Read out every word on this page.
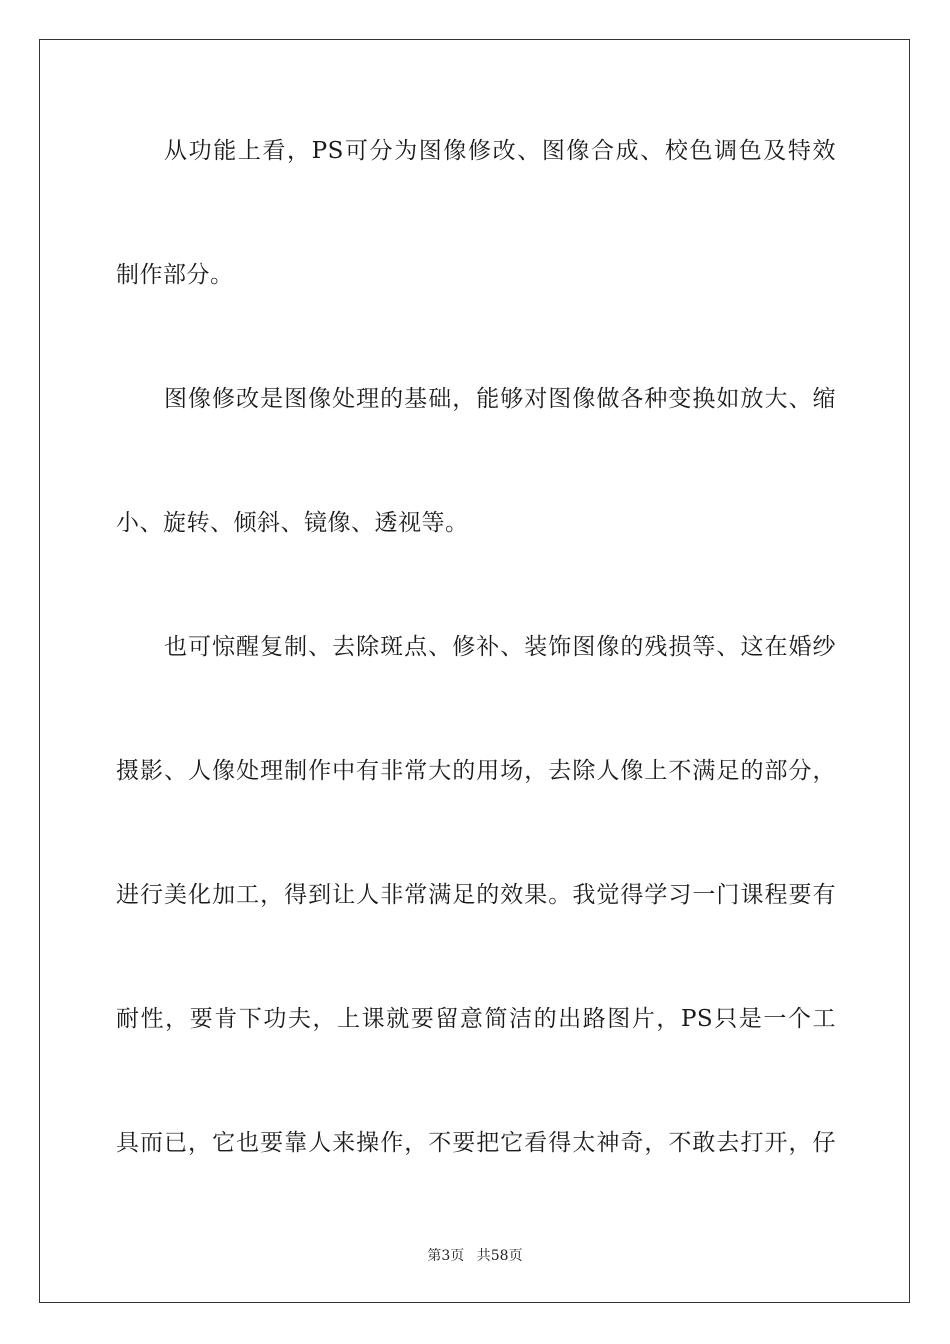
从功能上看，PS可分为图像修改、图像合成、校色调色及特效
制作部分。
图像修改是图像处理的基础，能够对图像做各种变换如放大、缩
小、旋转、倾斜、镜像、透视等。
也可惊醒复制、去除斑点、修补、装饰图像的残损等、这在婚纱
摄影、人像处理制作中有非常大的用场，去除人像上不满足的部分，
进行美化加工，得到让人非常满足的效果。我觉得学习一门课程要有
耐性，要肯下功夫，上课就要留意简洁的出路图片，PS只是一个工
具而已，它也要靠人来操作，不要把它看得太神奇，不敢去打开，仔
第3页 共58页
